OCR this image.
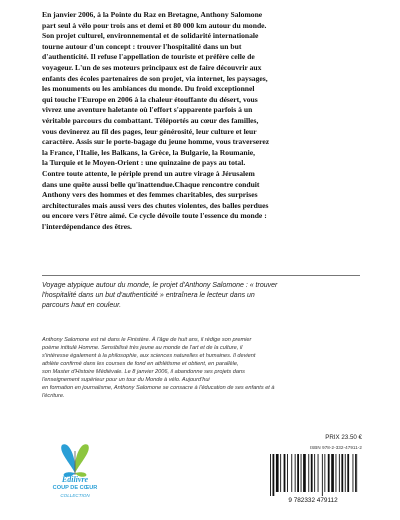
En janvier 2006, à la Pointe du Raz en Bretagne, Anthony Salomone
part seul à vélo pour trois ans et demi et 80 000 km autour du monde.
Son projet culturel, environnemental et de solidarité internationale
tourne autour d'un concept : trouver l'hospitalité dans un but
d'authenticité. Il refuse l'appellation de touriste et préfère celle de
voyageur. L'un de ses moteurs principaux est de faire découvrir aux
enfants des écoles partenaires de son projet, via internet, les paysages,
les monuments ou les ambiances du monde. Du froid exceptionnel
qui touche l'Europe en 2006 à la chaleur étouffante du désert, vous
vivrez une aventure haletante où l'effort s'apparente parfois à un
véritable parcours du combattant. Téléportés au cœur des familles,
vous devinerez au fil des pages, leur générosité, leur culture et leur
caractère. Assis sur le porte-bagage du jeune homme, vous traverserez
la France, l'Italie, les Balkans, la Grèce, la Bulgarie, la Roumanie,
la Turquie et le Moyen-Orient : une quinzaine de pays au total.
Contre toute attente, le périple prend un autre virage à Jérusalem
dans une quête aussi belle qu'inattendue.Chaque rencontre conduit
Anthony vers des hommes et des femmes charitables, des surprises
architecturales mais aussi vers des chutes violentes, des balles perdues
ou encore vers l'être aimé. Ce cycle dévoile toute l'essence du monde :
l'interdépendance des êtres.

Voyage atypique autour du monde, le projet d'Anthony Salomone : « trouver
l'hospitalité dans un but d'authenticité » entraînera le lecteur dans un
parcours haut en couleur.

Anthony Salomone est né dans le Finistère. À l'âge de huit ans, il rédige son premier
poème intitulé Homme. Sensibilisé très jeune au monde de l'art et de la culture, il
s'intéresse également à la philosophie, aux sciences naturelles et humaines. Il devient
athlète confirmé dans les courses de fond en athlétisme et obtient, en parallèle,
son Master d'Histoire Médiévale. Le 8 janvier 2006, il abandonne ses projets dans
l'enseignement supérieur pour un tour du Monde à vélo. Aujourd'hui
en formation en journalisme, Anthony Salomone se consacre à l'éducation de ses enfants et à
l'écriture.

Édilivre
COUP DE CŒUR
COLLECTION
PRIX 23.50 €
ISBN 978-2-332-47911-2
9 782332 479112
